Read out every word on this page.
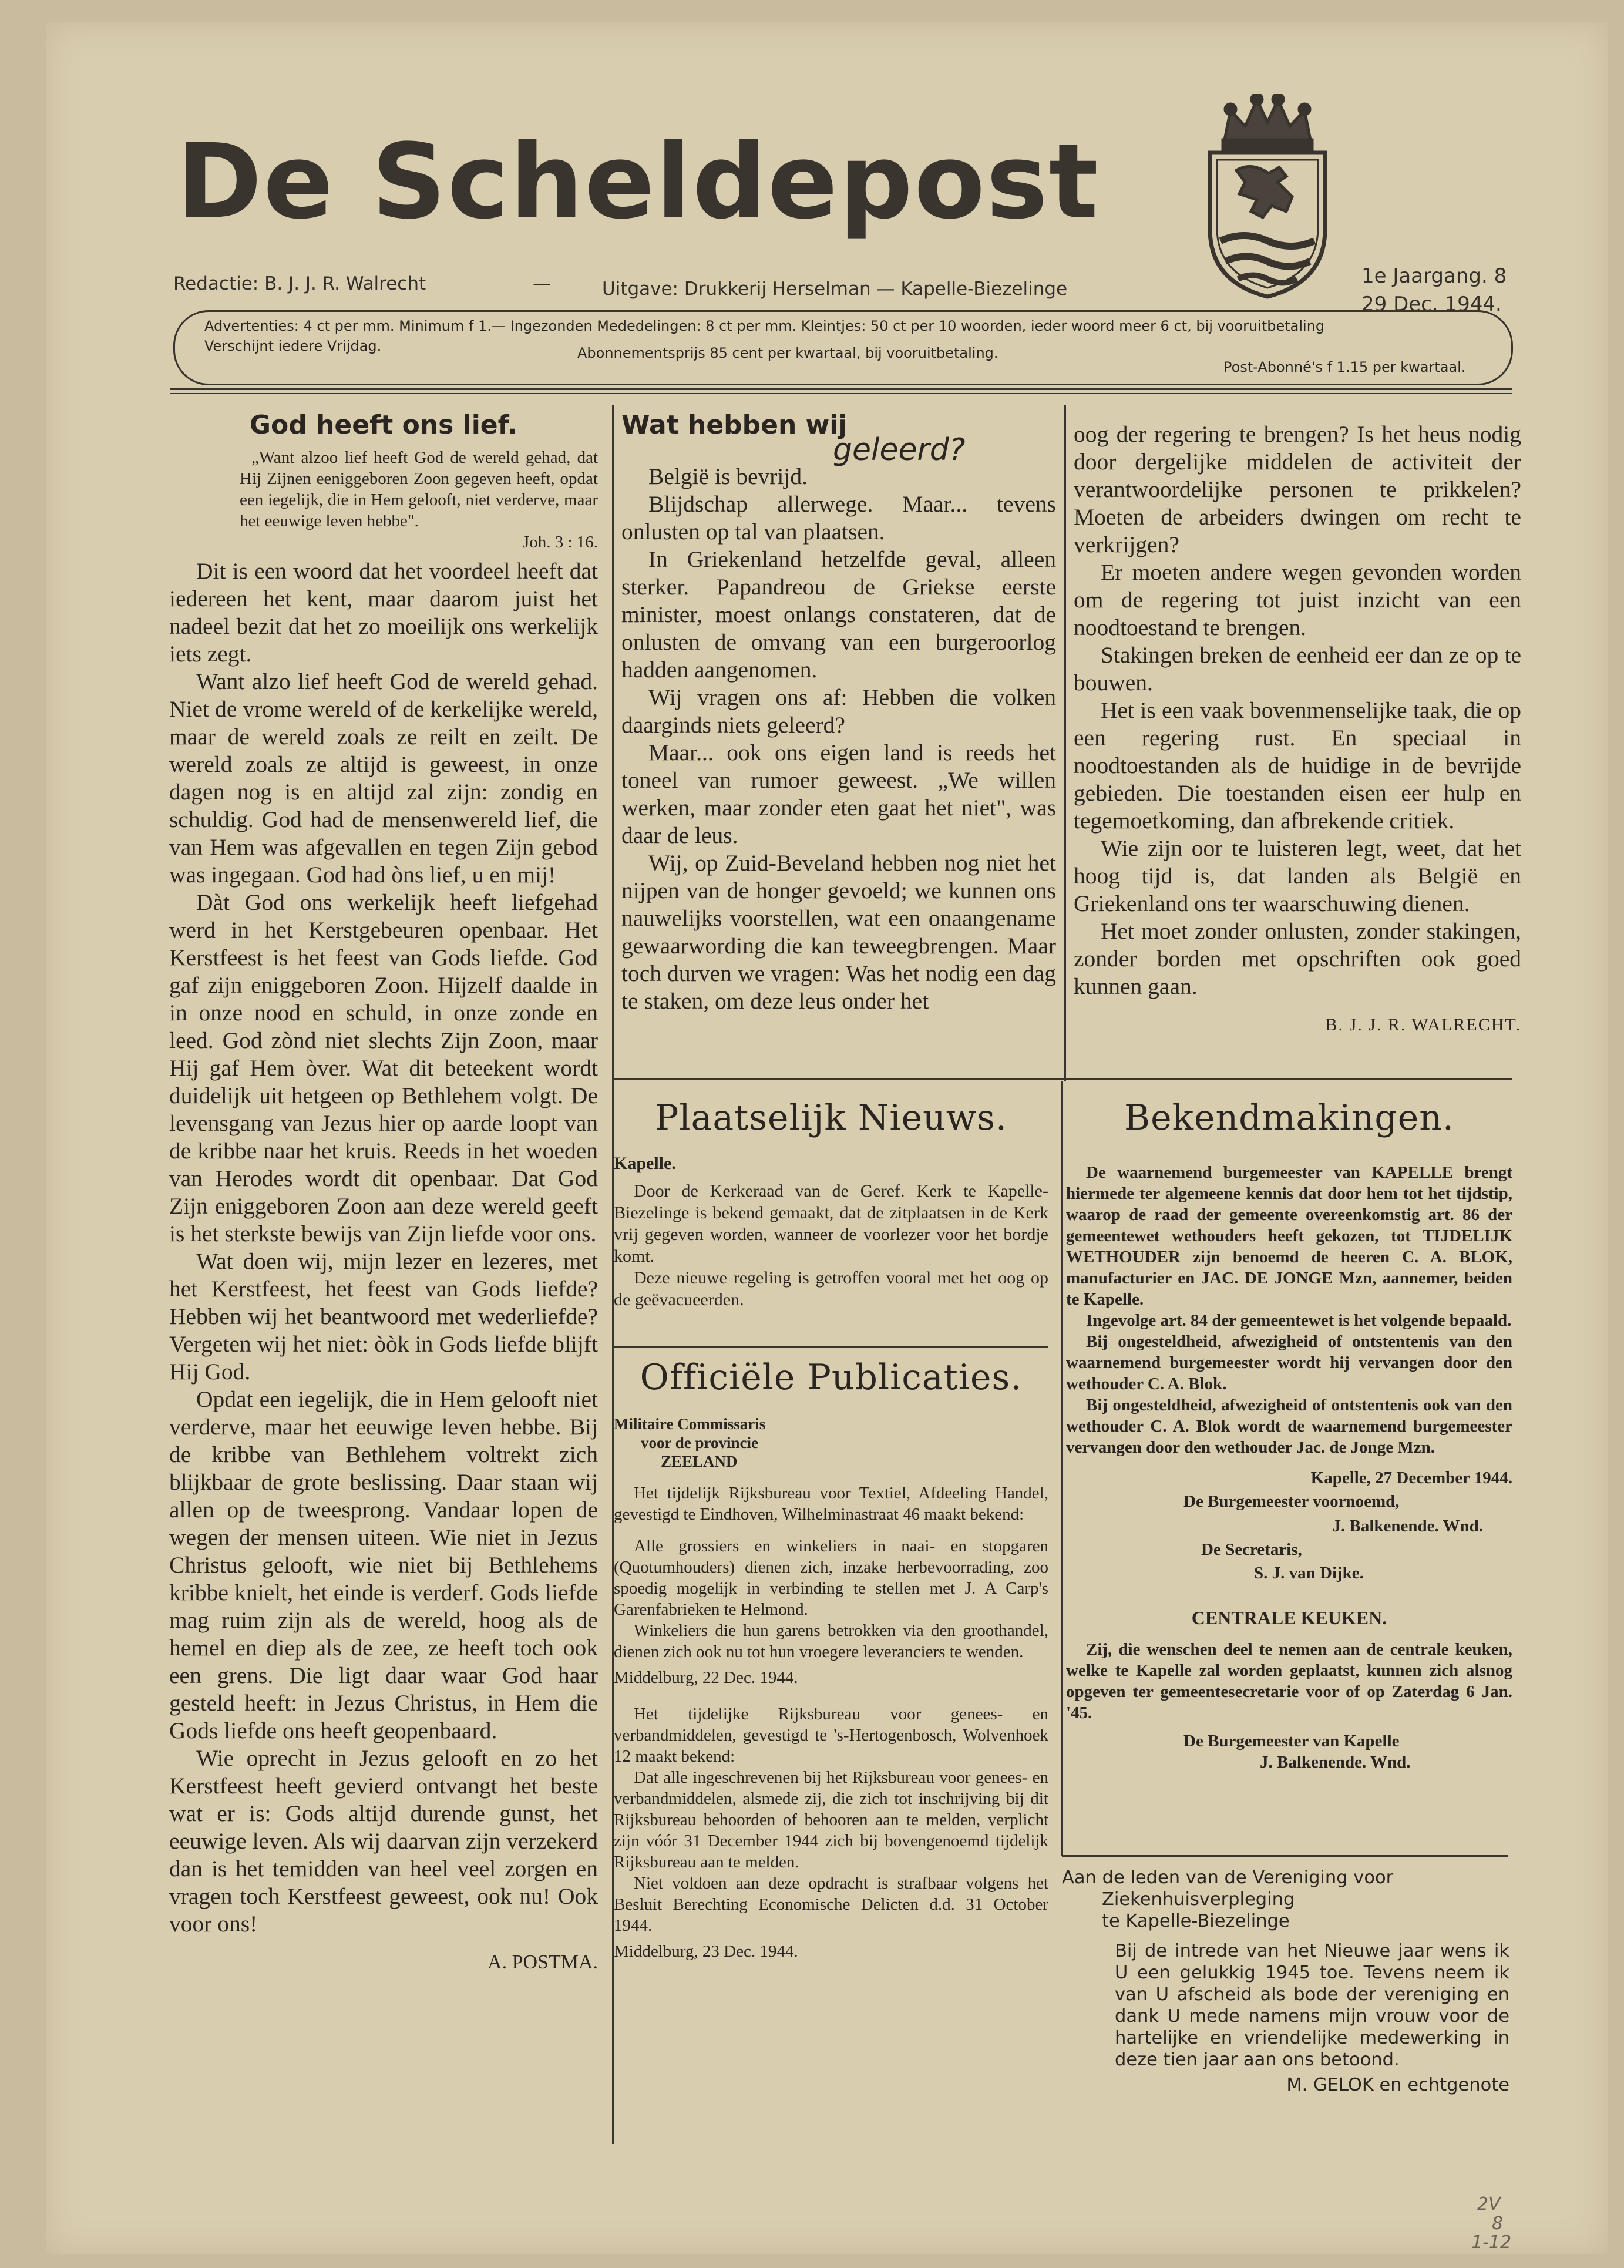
De Scheldepost
Redactie: B. J. J. R. Walrecht	—	Uitgave: Drukkerij Herselman — Kapelle-Biezelinge
1e Jaargang. 8
29 Dec. 1944.
Advertenties: 4 ct per mm. Minimum f 1.— Ingezonden Mededelingen: 8 ct per mm. Kleintjes: 50 ct per 10 woorden, ieder woord meer 6 ct, bij vooruitbetaling
Verschijnt iedere Vrijdag.	Abonnementsprijs 85 cent per kwartaal, bij vooruitbetaling.
Post-Abonné's f 1.15 per kwartaal.
God heeft ons lief.
„Want alzoo lief heeft God de wereld gehad, dat Hij Zijnen eeniggeboren Zoon gegeven heeft, opdat een iegelijk, die in Hem gelooft, niet verderve, maar het eeuwige leven hebbe".
Joh. 3 : 16.

Dit is een woord dat het voordeel heeft dat iedereen het kent, maar daarom juist het nadeel bezit dat het zo moeilijk ons werkelijk iets zegt.

Want alzo lief heeft God de wereld gehad. Niet de vrome wereld of de kerkelijke wereld, maar de wereld zoals ze reilt en zeilt. De wereld zoals ze altijd is geweest, in onze dagen nog is en altijd zal zijn: zondig en schuldig. God had de mensenwereld lief, die van Hem was afgevallen en tegen Zijn gebod was ingegaan. God had òns lief, u en mij!

Dàt God ons werkelijk heeft liefgehad werd in het Kerstgebeuren openbaar. Het Kerstfeest is het feest van Gods liefde. God gaf zijn eniggeboren Zoon. Hijzelf daalde in in onze nood en schuld, in onze zonde en leed. God zònd niet slechts Zijn Zoon, maar Hij gaf Hem òver. Wat dit beteekent wordt duidelijk uit hetgeen op Bethlehem volgt. De levensgang van Jezus hier op aarde loopt van de kribbe naar het kruis. Reeds in het woeden van Herodes wordt dit openbaar. Dat God Zijn eniggeboren Zoon aan deze wereld geeft is het sterkste bewijs van Zijn liefde voor ons.

Wat doen wij, mijn lezer en lezeres, met het Kerstfeest, het feest van Gods liefde? Hebben wij het beantwoord met wederliefde? Vergeten wij het niet: òòk in Gods liefde blijft Hij God.

Opdat een iegelijk, die in Hem gelooft niet verderve, maar het eeuwige leven hebbe. Bij de kribbe van Bethlehem voltrekt zich blijkbaar de grote beslissing. Daar staan wij allen op de tweesprong. Vandaar lopen de wegen der mensen uiteen. Wie niet in Jezus Christus gelooft, wie niet bij Bethlehems kribbe knielt, het einde is verderf. Gods liefde mag ruim zijn als de wereld, hoog als de hemel en diep als de zee, ze heeft toch ook een grens. Die ligt daar waar God haar gesteld heeft: in Jezus Christus, in Hem die Gods liefde ons heeft geopenbaard.

Wie oprecht in Jezus gelooft en zo het Kerstfeest heeft gevierd ontvangt het beste wat er is: Gods altijd durende gunst, het eeuwige leven. Als wij daarvan zijn verzekerd dan is het temidden van heel veel zorgen en vragen toch Kerstfeest geweest, ook nu! Ook voor ons!

A. POSTMA.
Wat hebben wij
geleerd?

België is bevrijd.

Blijdschap allerwege. Maar... tevens onlusten op tal van plaatsen.

In Griekenland hetzelfde geval, alleen sterker. Papandreou de Griekse eerste minister, moest onlangs constateren, dat de onlusten de omvang van een burgeroorlog hadden aangenomen.

Wij vragen ons af: Hebben die volken daarginds niets geleerd?

Maar... ook ons eigen land is reeds het toneel van rumoer geweest. „We willen werken, maar zonder eten gaat het niet", was daar de leus.

Wij, op Zuid-Beveland hebben nog niet het nijpen van de honger gevoeld; we kunnen ons nauwelijks voorstellen, wat een onaangename gewaarwording die kan teweegbrengen. Maar toch durven we vragen: Was het nodig een dag te staken, om deze leus onder het

oog der regering te brengen? Is het heus nodig door dergelijke middelen de activiteit der verantwoordelijke personen te prikkelen? Moeten de arbeiders dwingen om recht te verkrijgen?

Er moeten andere wegen gevonden worden om de regering tot juist inzicht van een noodtoestand te brengen.

Stakingen breken de eenheid eer dan ze op te bouwen.

Het is een vaak bovenmenselijke taak, die op een regering rust. En speciaal in noodtoestanden als de huidige in de bevrijde gebieden. Die toestanden eisen eer hulp en tegemoetkoming, dan afbrekende critiek.

Wie zijn oor te luisteren legt, weet, dat het hoog tijd is, dat landen als België en Griekenland ons ter waarschuwing dienen.

Het moet zonder onlusten, zonder stakingen, zonder borden met opschriften ook goed kunnen gaan.

B. J. J. R. WALRECHT.
Plaatselijk Nieuws.
Kapelle.

Door de Kerkeraad van de Geref. Kerk te Kapelle-Biezelinge is bekend gemaakt, dat de zitplaatsen in de Kerk vrij gegeven worden, wanneer de voorlezer voor het bordje komt.

Deze nieuwe regeling is getroffen vooral met het oog op de geëvacueerden.

Officiële Publicaties.
Militaire Commissaris
voor de provincie
ZEELAND

Het tijdelijk Rijksbureau voor Textiel, Afdeeling Handel, gevestigd te Eindhoven, Wilhelminastraat 46 maakt bekend:

Alle grossiers en winkeliers in naai- en stopgaren (Quotumhouders) dienen zich, inzake herbevoorrading, zoo spoedig mogelijk in verbinding te stellen met J. A Carp's Garenfabrieken te Helmond.

Winkeliers die hun garens betrokken via den groothandel, dienen zich ook nu tot hun vroegere leveranciers te wenden.

Middelburg, 22 Dec. 1944.

Het tijdelijke Rijksbureau voor genees- en verbandmiddelen, gevestigd te 's-Hertogenbosch, Wolvenhoek 12 maakt bekend:

Dat alle ingeschrevenen bij het Rijksbureau voor genees- en verbandmiddelen, alsmede zij, die zich tot inschrijving bij dit Rijksbureau behoorden of behooren aan te melden, verplicht zijn vóór 31 December 1944 zich bij bovengenoemd tijdelijk Rijksbureau aan te melden.

Niet voldoen aan deze opdracht is strafbaar volgens het Besluit Berechting Economische Delicten d.d. 31 October 1944.

Middelburg, 23 Dec. 1944.
Bekendmakingen.

De waarnemend burgemeester van KAPELLE brengt hiermede ter algemeene kennis dat door hem tot het tijdstip, waarop de raad der gemeente overeenkomstig art. 86 der gemeentewet wethouders heeft gekozen, tot TIJDELIJK WETHOUDER zijn benoemd de heeren C. A. BLOK, manufacturier en JAC. DE JONGE Mzn, aannemer, beiden te Kapelle.

Ingevolge art. 84 der gemeentewet is het volgende bepaald.

Bij ongesteldheid, afwezigheid of ontstentenis van den waarnemend burgemeester wordt hij vervangen door den wethouder C. A. Blok.

Bij ongesteldheid, afwezigheid of ontstentenis ook van den wethouder C. A. Blok wordt de waarnemend burgemeester vervangen door den wethouder Jac. de Jonge Mzn.

Kapelle, 27 December 1944.
De Burgemeester voornoemd,
J. Balkenende. Wnd.
De Secretaris,
S. J. van Dijke.
CENTRALE KEUKEN.

Zij, die wenschen deel te nemen aan de centrale keuken, welke te Kapelle zal worden geplaatst, kunnen zich alsnog opgeven ter gemeentesecretarie voor of op Zaterdag 6 Jan. '45.

De Burgemeester van Kapelle
J. Balkenende. Wnd.
Aan de leden van de Vereniging voor
Ziekenhuisverpleging
te Kapelle-Biezelinge
Bij de intrede van het Nieuwe jaar wens ik U een gelukkig 1945 toe. Tevens neem ik van U afscheid als bode der vereniging en dank U mede namens mijn vrouw voor de hartelijke en vriendelijke medewerking in deze tien jaar aan ons betoond.
M. GELOK en echtgenote
2V
8
1-12
